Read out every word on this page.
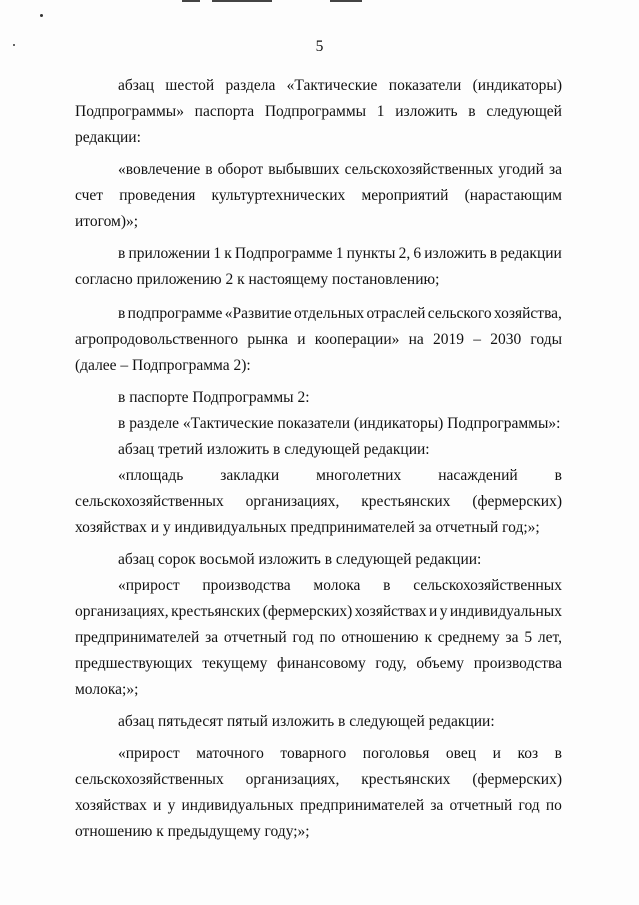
5
абзац шестой раздела «Тактические показатели (индикаторы)
Подпрограммы» паспорта Подпрограммы 1 изложить в следующей
редакции:
«вовлечение в оборот выбывших сельскохозяйственных угодий за
счет проведения культуртехнических мероприятий (нарастающим
итогом)»;
в приложении 1 к Подпрограмме 1 пункты 2, 6 изложить в редакции
согласно приложению 2 к настоящему постановлению;
в подпрограмме «Развитие отдельных отраслей сельского хозяйства,
агропродовольственного рынка и кооперации» на 2019 – 2030 годы
(далее – Подпрограмма 2):
в паспорте Подпрограммы 2:
в разделе «Тактические показатели (индикаторы) Подпрограммы»:
абзац третий изложить в следующей редакции:
«площадь закладки многолетних насаждений в
сельскохозяйственных организациях, крестьянских (фермерских)
хозяйствах и у индивидуальных предпринимателей за отчетный год;»;
абзац сорок восьмой изложить в следующей редакции:
«прирост производства молока в сельскохозяйственных
организациях, крестьянских (фермерских) хозяйствах и у индивидуальных
предпринимателей за отчетный год по отношению к среднему за 5 лет,
предшествующих текущему финансовому году, объему производства
молока;»;
абзац пятьдесят пятый изложить в следующей редакции:
«прирост маточного товарного поголовья овец и коз в
сельскохозяйственных организациях, крестьянских (фермерских)
хозяйствах и у индивидуальных предпринимателей за отчетный год по
отношению к предыдущему году;»;
